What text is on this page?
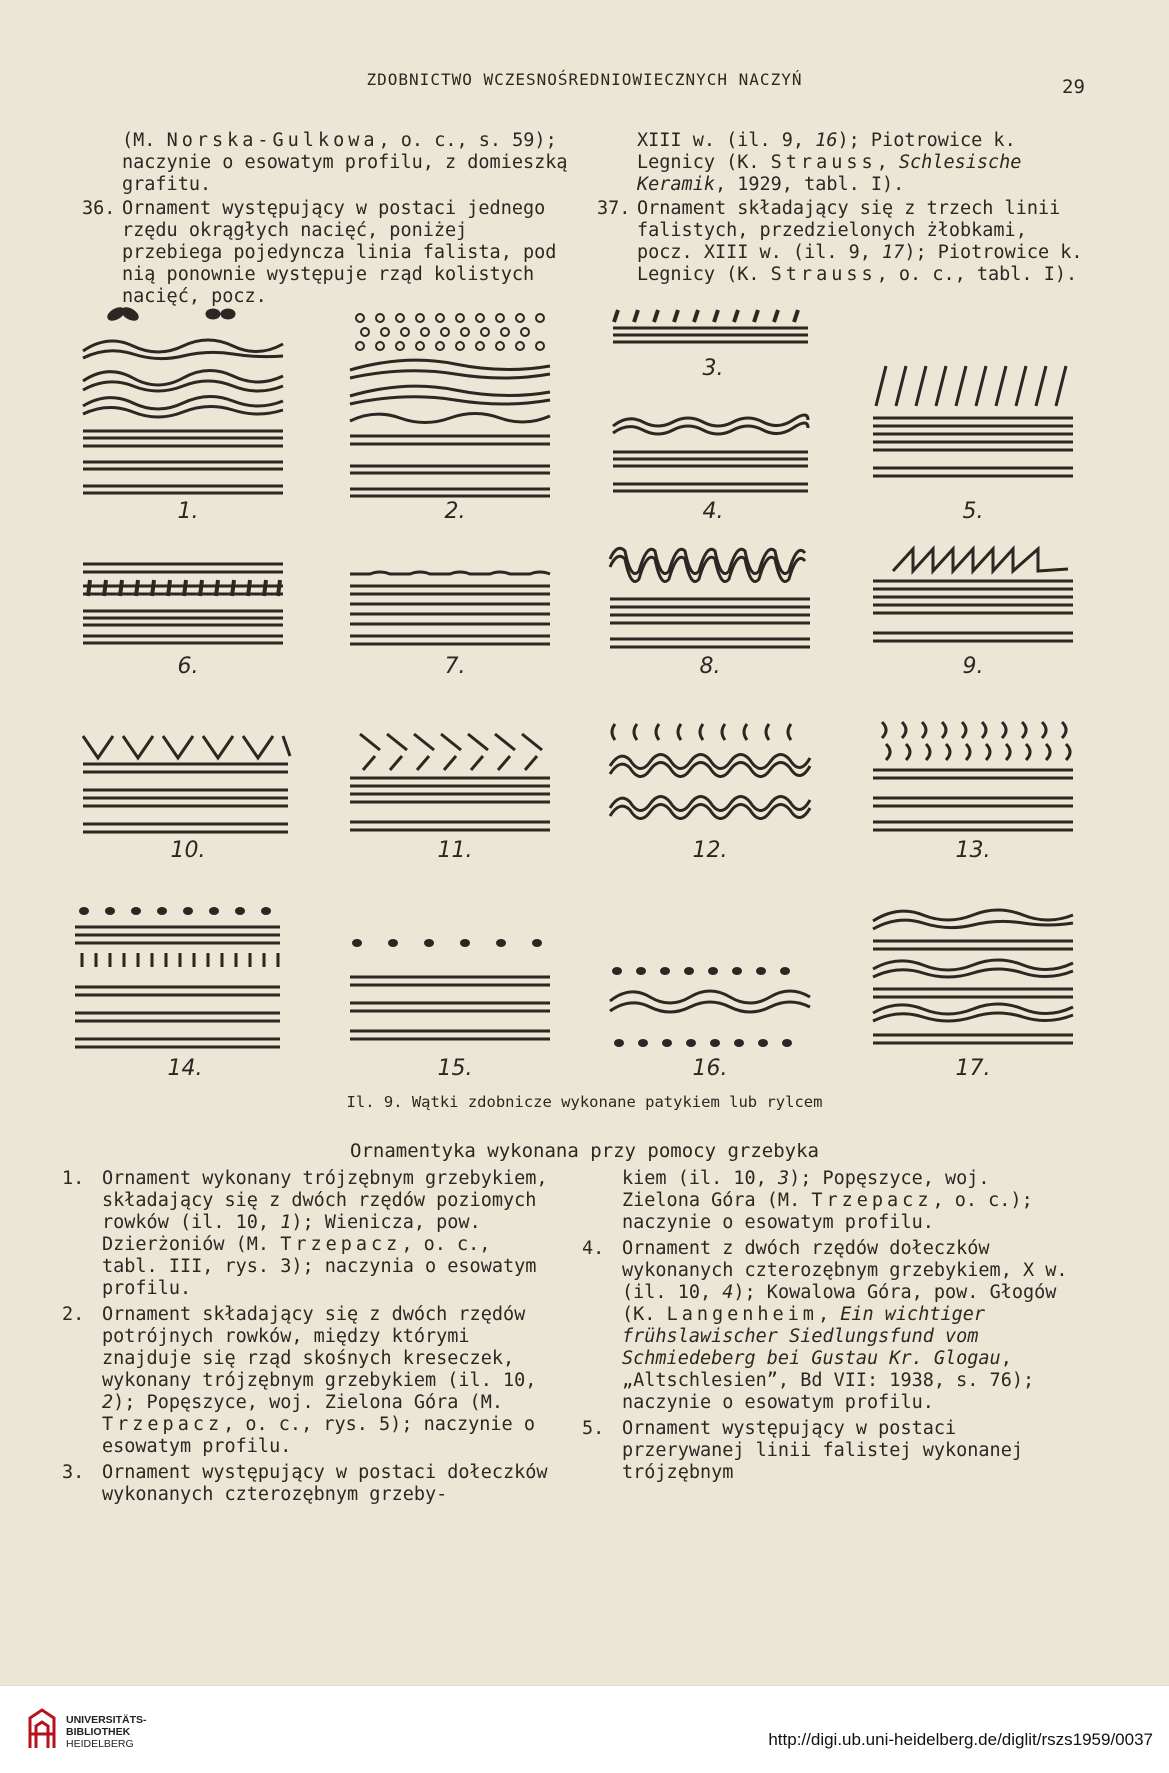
ZDOBNICTWO WCZESNOŚREDNIOWIECZNYCH NACZYŃ	29

(M. Norska-Gulkowa, o. c., s. 59); naczynie o esowatym profilu, z domieszką grafitu.

36. Ornament występujący w postaci jednego rzędu okrągłych nacięć, poniżej przebiega pojedyncza linia falista, pod nią ponownie występuje rząd kolistych nacięć, pocz.

XIII w. (il. 9, 16); Piotrowice k. Legnicy (K. Strauss, Schlesische Keramik, 1929, tabl. I).

37. Ornament składający się z trzech linii falistych, przedzielonych żłobkami, pocz. XIII w. (il. 9, 17); Piotrowice k. Legnicy (K. Strauss, o. c., tabl. I).

1.	2.
3.
4.	5.
6.	7.	8.	9.
10.	11.	12.	13.
14.	15.	16.	17.
Il. 9. Wątki zdobnicze wykonane patykiem lub rylcem
Ornamentyka wykonana przy pomocy grzebyka

1. Ornament wykonany trójzębnym grzebykiem, składający się z dwóch rzędów poziomych rowków (il. 10, 1); Wienicza, pow. Dzierżoniów (M. Trzepacz, o. c., tabl. III, rys. 3); naczynia o esowatym profilu.

2. Ornament składający się z dwóch rzędów potrójnych rowków, między którymi znajduje się rząd skośnych kreseczek, wykonany trójzębnym grzebykiem (il. 10, 2); Popęszyce, woj. Zielona Góra (M. Trzepacz, o. c., rys. 5); naczynie o esowatym profilu.

3. Ornament występujący w postaci dołeczków wykonanych czterozębnym grzeby-

kiem (il. 10, 3); Popęszyce, woj. Zielona Góra (M. Trzepacz, o. c.); naczynie o esowatym profilu.

4. Ornament z dwóch rzędów dołeczków wykonanych czterozębnym grzebykiem, X w. (il. 10, 4); Kowalowa Góra, pow. Głogów (K. Langenheim, Ein wichtiger frühslawischer Siedlungsfund vom Schmiedeberg bei Gustau Kr. Glogau, „Altschlesien”, Bd VII: 1938, s. 76); naczynie o esowatym profilu.

5. Ornament występujący w postaci przerywanej linii falistej wykonanej trójzębnym

UNIVERSITÄTS-
BIBLIOTHEK
HEIDELBERG	http://digi.ub.uni-heidelberg.de/diglit/rszs1959/0037
